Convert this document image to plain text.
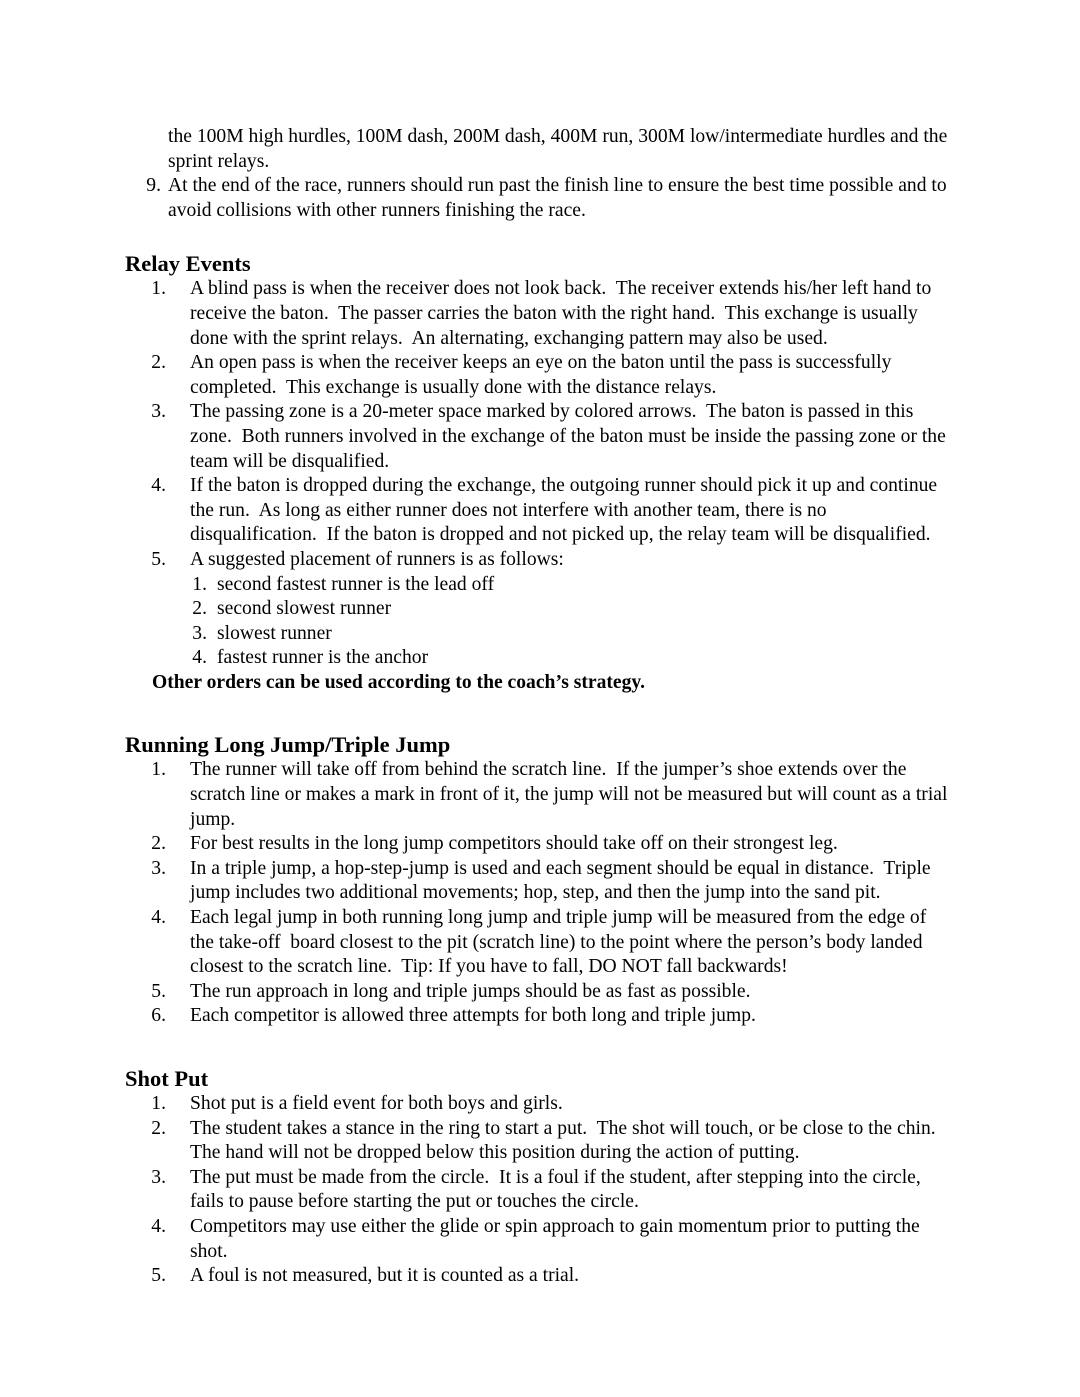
the 100M high hurdles, 100M dash, 200M dash, 400M run, 300M low/intermediate hurdles and the sprint relays.
9. At the end of the race, runners should run past the finish line to ensure the best time possible and to avoid collisions with other runners finishing the race.
Relay Events
1. A blind pass is when the receiver does not look back.  The receiver extends his/her left hand to receive the baton.  The passer carries the baton with the right hand.  This exchange is usually done with the sprint relays.  An alternating, exchanging pattern may also be used.
2. An open pass is when the receiver keeps an eye on the baton until the pass is successfully completed.  This exchange is usually done with the distance relays.
3. The passing zone is a 20-meter space marked by colored arrows.  The baton is passed in this zone.  Both runners involved in the exchange of the baton must be inside the passing zone or the team will be disqualified.
4. If the baton is dropped during the exchange, the outgoing runner should pick it up and continue the run.  As long as either runner does not interfere with another team, there is no disqualification.  If the baton is dropped and not picked up, the relay team will be disqualified.
5. A suggested placement of runners is as follows:
1. second fastest runner is the lead off
2. second slowest runner
3. slowest runner
4. fastest runner is the anchor
Other orders can be used according to the coach’s strategy.
Running Long Jump/Triple Jump
1. The runner will take off from behind the scratch line.  If the jumper’s shoe extends over the scratch line or makes a mark in front of it, the jump will not be measured but will count as a trial jump.
2. For best results in the long jump competitors should take off on their strongest leg.
3. In a triple jump, a hop-step-jump is used and each segment should be equal in distance.  Triple jump includes two additional movements; hop, step, and then the jump into the sand pit.
4. Each legal jump in both running long jump and triple jump will be measured from the edge of the take-off  board closest to the pit (scratch line) to the point where the person’s body landed closest to the scratch line.  Tip: If you have to fall, DO NOT fall backwards!
5. The run approach in long and triple jumps should be as fast as possible.
6. Each competitor is allowed three attempts for both long and triple jump.
Shot Put
1. Shot put is a field event for both boys and girls.
2. The student takes a stance in the ring to start a put.  The shot will touch, or be close to the chin. The hand will not be dropped below this position during the action of putting.
3. The put must be made from the circle.  It is a foul if the student, after stepping into the circle, fails to pause before starting the put or touches the circle.
4. Competitors may use either the glide or spin approach to gain momentum prior to putting the shot.
5. A foul is not measured, but it is counted as a trial.
